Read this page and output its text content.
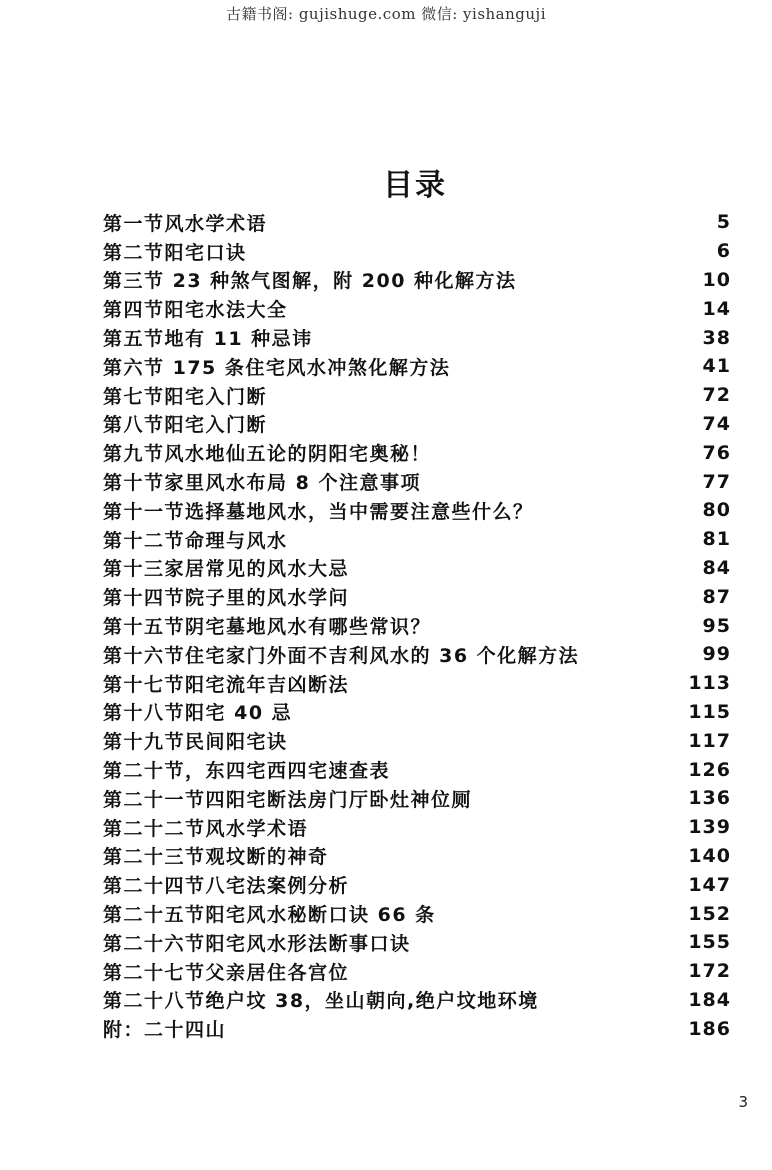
古籍书阁: gujishuge.com 微信: yishanguji
目录
第一节风水学术语	5
第二节阳宅口诀	6
第三节 23 种煞气图解，附 200 种化解方法	10
第四节阳宅水法大全	14
第五节地有 11 种忌讳	38
第六节 175 条住宅风水冲煞化解方法	41
第七节阳宅入门断	72
第八节阳宅入门断	74
第九节风水地仙五论的阴阳宅奥秘！	76
第十节家里风水布局 8 个注意事项	77
第十一节选择墓地风水，当中需要注意些什么？	80
第十二节命理与风水	81
第十三家居常见的风水大忌	84
第十四节院子里的风水学问	87
第十五节阴宅墓地风水有哪些常识？	95
第十六节住宅家门外面不吉利风水的 36 个化解方法	99
第十七节阳宅流年吉凶断法	113
第十八节阳宅 40 忌	115
第十九节民间阳宅诀	117
第二十节，东四宅西四宅速查表	126
第二十一节四阳宅断法房门厅卧灶神位厕	136
第二十二节风水学术语	139
第二十三节观坟断的神奇	140
第二十四节八宅法案例分析	147
第二十五节阳宅风水秘断口诀 66 条	152
第二十六节阳宅风水形法断事口诀	155
第二十七节父亲居住各宫位	172
第二十八节绝户坟 38，坐山朝向,绝户坟地环境	184
附：二十四山	186
3
